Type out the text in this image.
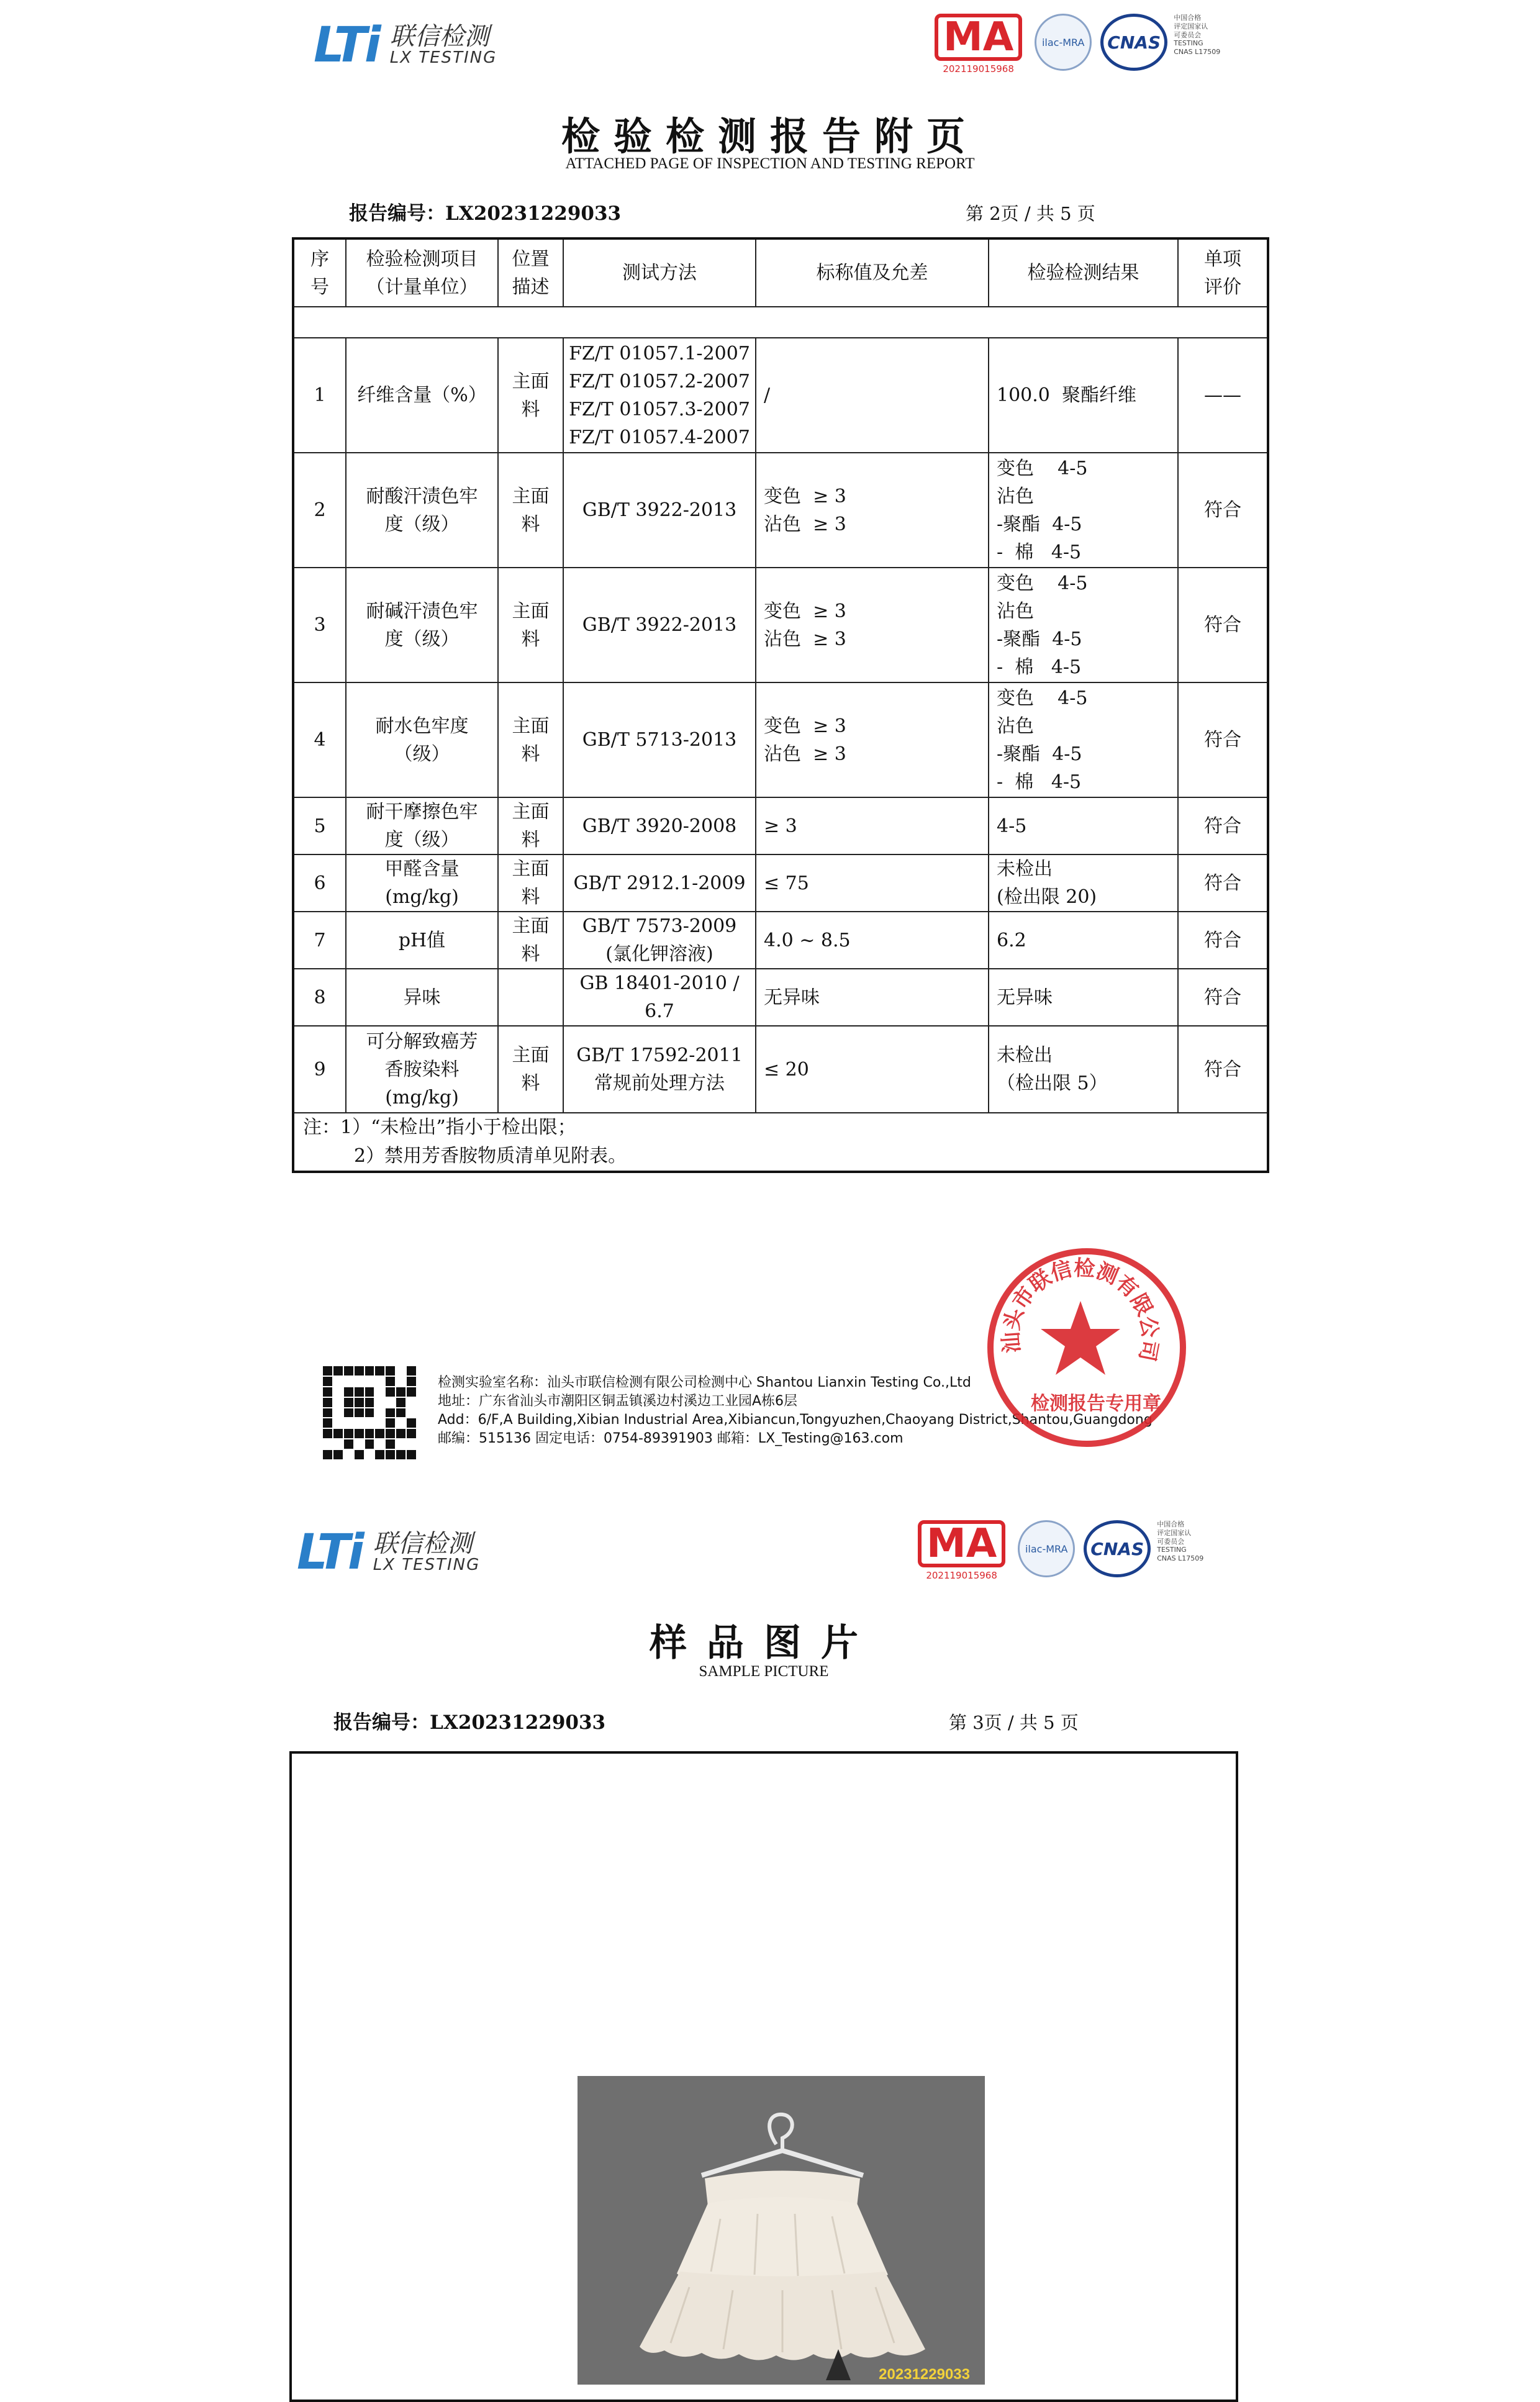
LTi 联信检测
LX TESTING	MA
202119015968
ilac-MRA CNAS
中国合格
评定国家认
可委员会
TESTING
CNAS L17509
检验检测报告附页
ATTACHED PAGE OF INSPECTION AND TESTING REPORT
报告编号：LX20231229033	第 2页 / 共 5 页
序
号	检验检测项目
（计量单位）	位置
描述	测试方法	标称值及允差	检验检测结果	单项
评价

1	纤维含量（%）	主面
料	FZ/T 01057.1-2007
FZ/T 01057.2-2007
FZ/T 01057.3-2007
FZ/T 01057.4-2007	/	100.0  聚酯纤维	——
2	耐酸汗渍色牢
度（级）	主面
料	GB/T 3922-2013	变色  ≥ 3
沾色  ≥ 3	变色    4-5
沾色
-聚酯  4-5
-  棉   4-5	符合
3	耐碱汗渍色牢
度（级）	主面
料	GB/T 3922-2013	变色  ≥ 3
沾色  ≥ 3	变色    4-5
沾色
-聚酯  4-5
-  棉   4-5	符合
4	耐水色牢度
（级）	主面
料	GB/T 5713-2013	变色  ≥ 3
沾色  ≥ 3	变色    4-5
沾色
-聚酯  4-5
-  棉   4-5	符合
5	耐干摩擦色牢
度（级）	主面
料	GB/T 3920-2008	≥ 3	4-5	符合
6	甲醛含量
(mg/kg)	主面
料	GB/T 2912.1-2009	≤ 75	未检出
(检出限 20)	符合
7	pH值	主面
料	GB/T 7573-2009
(氯化钾溶液)	4.0 ~ 8.5	6.2	符合
8	异味		GB 18401-2010 /
6.7	无异味	无异味	符合
9	可分解致癌芳
香胺染料
(mg/kg)	主面
料	GB/T 17592-2011
常规前处理方法	≤ 20	未检出
（检出限 5）	符合

注：1）“未检出”指小于检出限；
2）禁用芳香胺物质清单见附表。						
检测实验室名称：汕头市联信检测有限公司检测中心 Shantou Lianxin Testing Co.,Ltd
地址：广东省汕头市潮阳区铜盂镇溪边村溪边工业园A栋6层
Add：6/F,A Building,Xibian Industrial Area,Xibiancun,Tongyuzhen,Chaoyang District,Shantou,Guangdong
邮编：515136 固定电话：0754-89391903 邮箱：LX_Testing@163.com
汕头市联信检测有限公司
检测报告专用章
LTi 联信检测
LX TESTING	MA
202119015968
ilac-MRA CNAS
中国合格
评定国家认
可委员会
TESTING
CNAS L17509
样品图片
SAMPLE PICTURE
报告编号：LX20231229033	第 3页 / 共 5 页
20231229033
